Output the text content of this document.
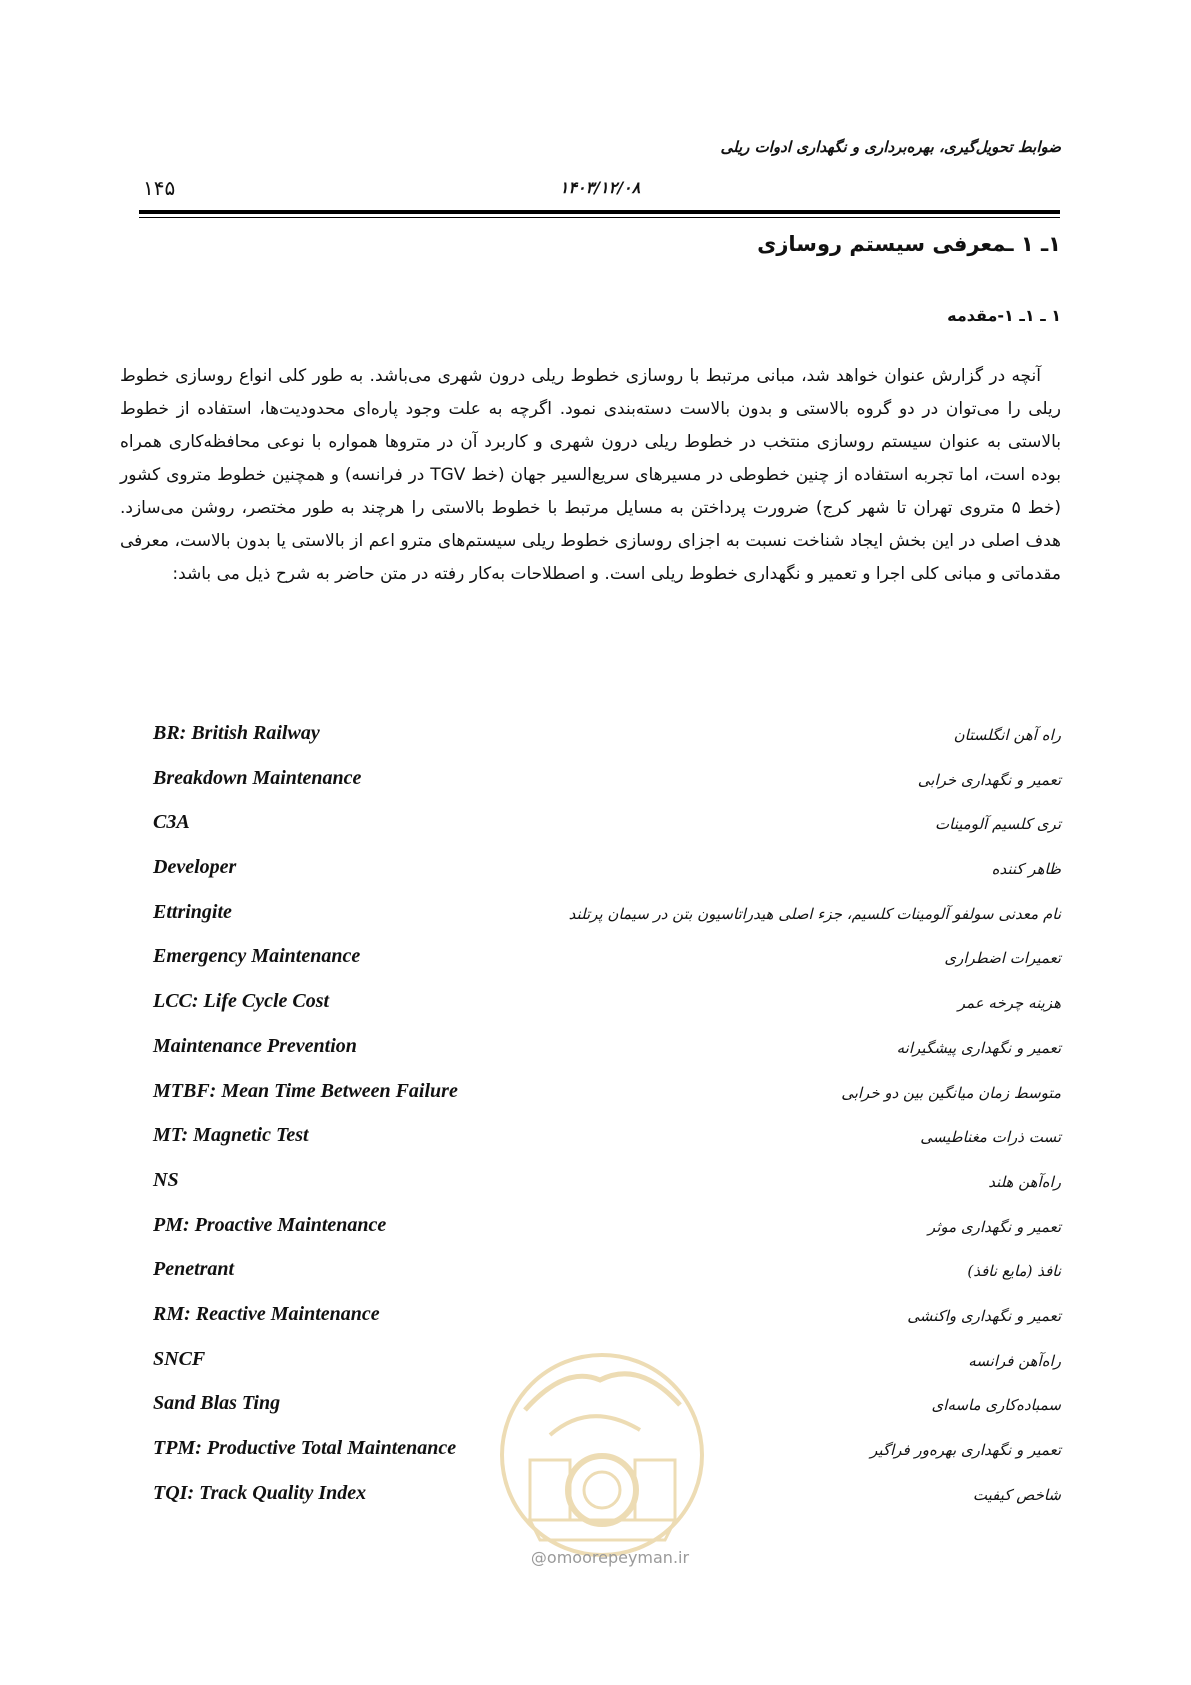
ضوابط تحویل‌گیری، بهره‌برداری و نگهداری ادوات ریلی
۱۴۵	۱۴۰۳/۱۲/۰۸
۱ـ ۱ ـمعرفی سیستم روسازی
۱ ـ ۱ـ ۱-مقدمه
آنچه در گزارش عنوان خواهد شد، مبانی مرتبط با روسازی خطوط ریلی درون شهری می‌باشد. به طور کلی انواع روسازی خطوط ریلی را می‌توان در دو گروه بالاستی و بدون بالاست دسته‌بندی نمود. اگرچه به علت وجود پاره‌ای محدودیت‌ها، استفاده از خطوط بالاستی به عنوان سیستم روسازی منتخب در خطوط ریلی درون شهری و کاربرد آن در متروها همواره با نوعی محافظه‌کاری همراه بوده است، اما تجربه استفاده از چنین خطوطی در مسیرهای سریع‌السیر جهان (خط TGV در فرانسه) و همچنین خطوط متروی کشور (خط ۵ متروی تهران تا شهر کرج) ضرورت پرداختن به مسایل مرتبط با خطوط بالاستی را هرچند به طور مختصر، روشن می‌سازد. هدف اصلی در این بخش ایجاد شناخت نسبت به اجزای روسازی خطوط ریلی سیستم‌های مترو اعم از بالاستی یا بدون بالاست، معرفی مقدماتی و مبانی کلی اجرا و تعمیر و نگهداری خطوط ریلی است. و اصطلاحات به‌کار رفته در متن حاضر به شرح ذیل می باشد:
BR: British Railway	راه آهن انگلستان
Breakdown Maintenance	تعمیر و نگهداری خرابی
C3A	تری کلسیم آلومینات
Developer	ظاهر کننده
Ettringite	نام معدنی سولفو آلومینات کلسیم، جزء اصلی هیدراتاسیون بتن در سیمان پرتلند
Emergency Maintenance	تعمیرات اضطراری
LCC: Life Cycle Cost	هزینه چرخه عمر
Maintenance Prevention	تعمیر و نگهداری پیشگیرانه
MTBF: Mean Time Between Failure	متوسط زمان میانگین بین دو خرابی
MT: Magnetic Test	تست ذرات مغناطیسی
NS	راه‌آهن هلند
PM: Proactive Maintenance	تعمیر و نگهداری موثر
Penetrant	نافذ (مایع نافذ)
RM: Reactive Maintenance	تعمیر و نگهداری واکنشی
SNCF	راه‌آهن فرانسه
Sand Blas Ting	سمباده‌کاری ماسه‌ای
TPM: Productive Total Maintenance	تعمیر و نگهداری بهره‌ور فراگیر
TQI: Track Quality Index	شاخص کیفیت
@omoorepeyman.ir
